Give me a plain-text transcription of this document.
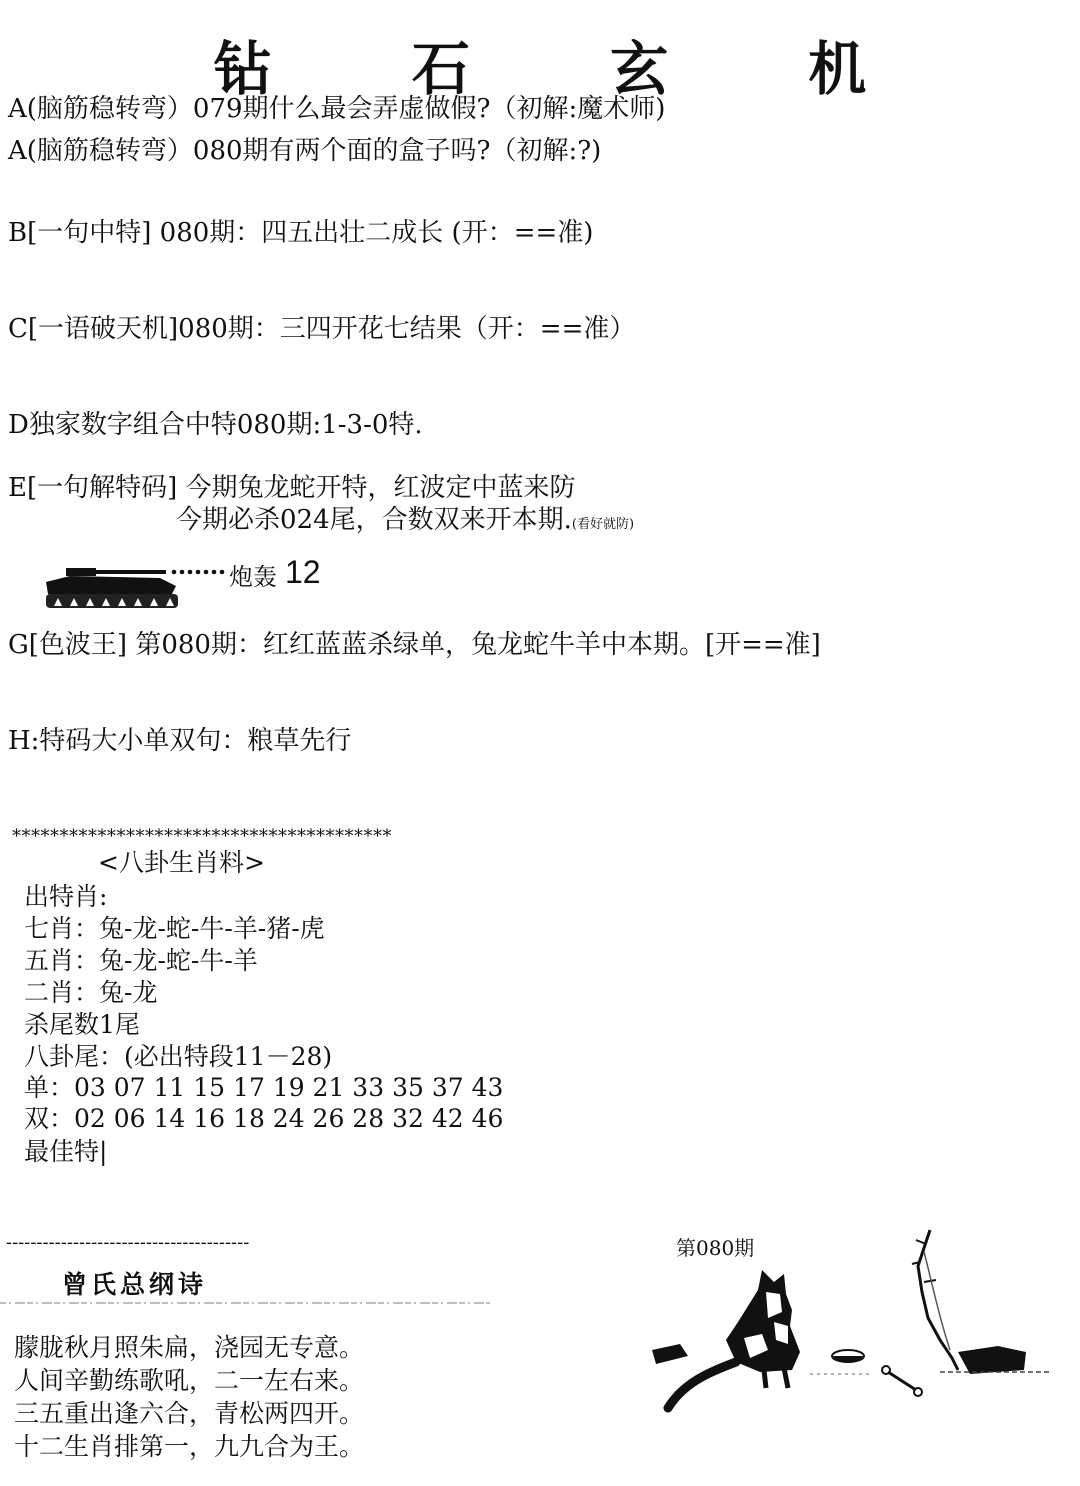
钻 石 玄 机
A(脑筋稳转弯）079期什么最会弄虚做假?（初解:魔术师)
A(脑筋稳转弯）080期有两个面的盒子吗?（初解:?)
B[一句中特] 080期：四五出壮二成长 (开：==准)
C[一语破天机]080期：三四开花七结果（开：==准）
D独家数字组合中特080期:1-3-0特.
E[一句解特码] 今期兔龙蛇开特，红波定中蓝来防
今期必杀024尾，合数双来开本期.(看好就防)
炮轰 12
G[色波王] 第080期：红红蓝蓝杀绿单，兔龙蛇牛羊中本期。[开==准]
H:特码大小单双句：粮草先行
****************************************
<八卦生肖料>
出特肖:
七肖：兔-龙-蛇-牛-羊-猪-虎
五肖：兔-龙-蛇-牛-羊
二肖：兔-龙
杀尾数1尾
八卦尾：(必出特段11－28)
单：03 07 11 15 17 19 21 33 35 37 43
双：02 06 14 16 18 24 26 28 32 42 46
最佳特|
----------------------------------------
曾氏总纲诗
朦胧秋月照朱扁，浇园无专意。
人间辛勤练歌吼，二一左右来。
三五重出逢六合，青松两四开。
十二生肖排第一，九九合为王。
第080期
